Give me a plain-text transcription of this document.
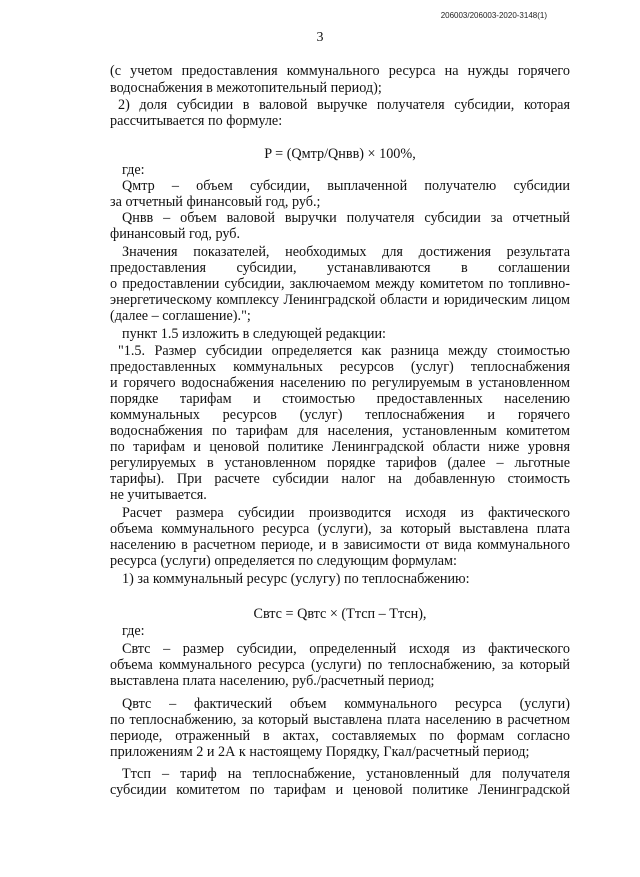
206003/206003-2020-3148(1)
3
(с учетом предоставления коммунального ресурса на нужды горячего
водоснабжения в межотопительный период);
2) доля субсидии в валовой выручке получателя субсидии, которая
рассчитывается по формуле:
P = (Qмтр/Qнвв) × 100%,
где:
Qмтр – объем субсидии, выплаченной получателю субсидии
за отчетный финансовый год, руб.;
Qнвв – объем валовой выручки получателя субсидии за отчетный
финансовый год, руб.
Значения показателей, необходимых для достижения результата
предоставления субсидии, устанавливаются в соглашении
о предоставлении субсидии, заключаемом между комитетом по топливно-
энергетическому комплексу Ленинградской области и юридическим лицом
(далее – соглашение).";
пункт 1.5 изложить в следующей редакции:
"1.5. Размер субсидии определяется как разница между стоимостью
предоставленных коммунальных ресурсов (услуг) теплоснабжения
и горячего водоснабжения населению по регулируемым в установленном
порядке тарифам и стоимостью предоставленных населению
коммунальных ресурсов (услуг) теплоснабжения и горячего
водоснабжения по тарифам для населения, установленным комитетом
по тарифам и ценовой политике Ленинградской области ниже уровня
регулируемых в установленном порядке тарифов (далее – льготные
тарифы). При расчете субсидии налог на добавленную стоимость
не учитывается.
Расчет размера субсидии производится исходя из фактического
объема коммунального ресурса (услуги), за который выставлена плата
населению в расчетном периоде, и в зависимости от вида коммунального
ресурса (услуги) определяется по следующим формулам:
1) за коммунальный ресурс (услугу) по теплоснабжению:
Cвтс = Qвтс × (Tтсп – Tтсн),
где:
Cвтс – размер субсидии, определенный исходя из фактического
объема коммунального ресурса (услуги) по теплоснабжению, за который
выставлена плата населению, руб./расчетный период;
Qвтс – фактический объем коммунального ресурса (услуги)
по теплоснабжению, за который выставлена плата населению в расчетном
периоде, отраженный в актах, составляемых по формам согласно
приложениям 2 и 2А к настоящему Порядку, Гкал/расчетный период;
Tтсп – тариф на теплоснабжение, установленный для получателя
субсидии комитетом по тарифам и ценовой политике Ленинградской
